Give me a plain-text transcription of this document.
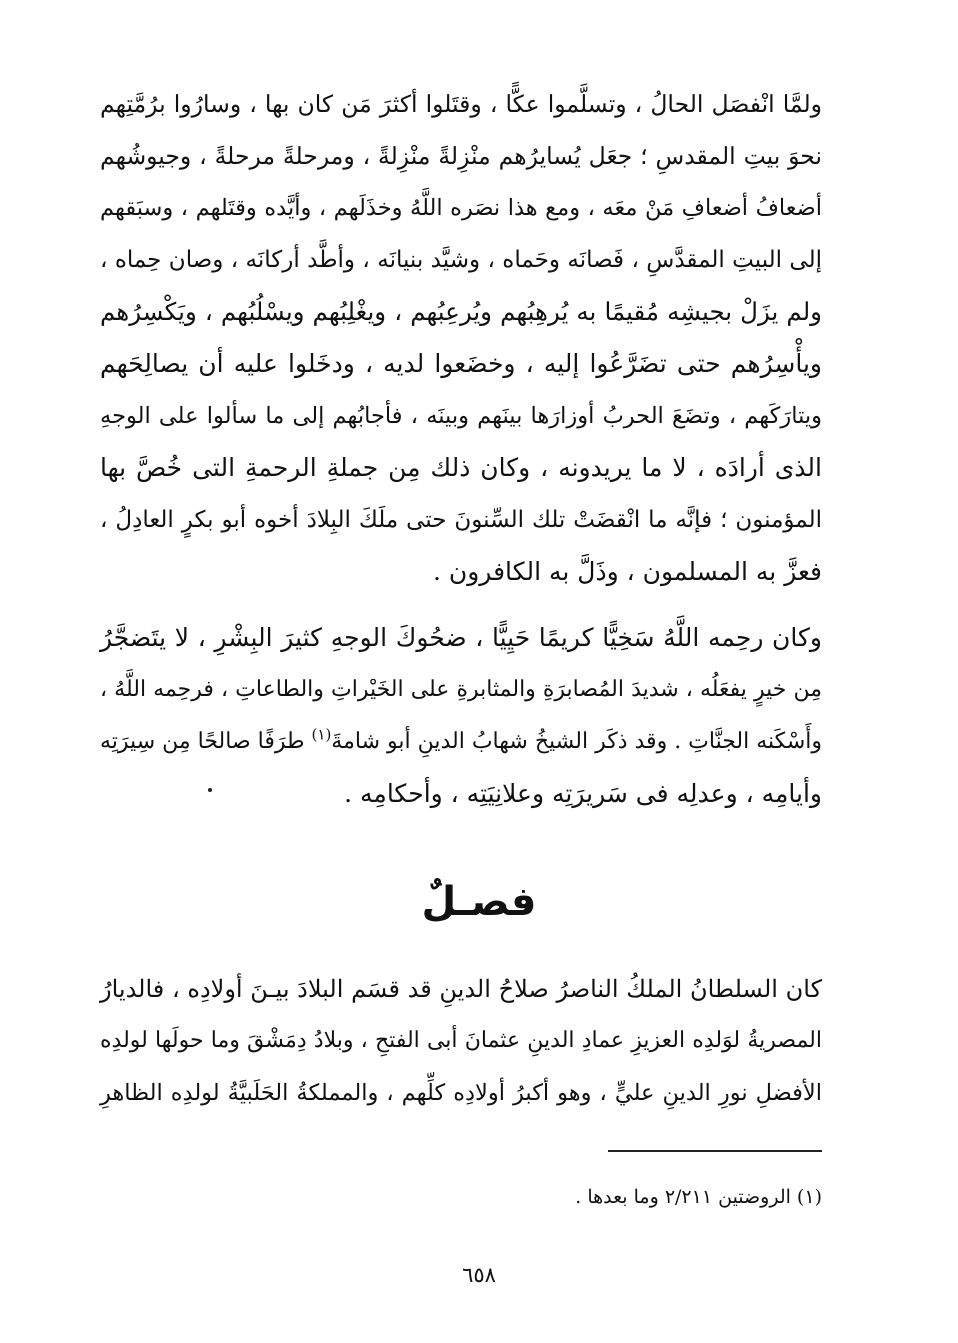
ولمَّا انْفصَل الحالُ ، وتسلَّموا عكًّا ، وقتَلوا أكثرَ مَن كان بها ، وسارُوا برُمَّتِهم
نحوَ بيتِ المقدسِ ؛ جعَل يُسايرُهم منْزِلةً منْزِلةً ، ومرحلةً مرحلةً ، وجيوشُهم
أضعافُ أضعافِ مَنْ معَه ، ومع هذا نصَره اللَّهُ وخذَلَهم ، وأيَّده وقتَلهم ، وسبَقهم
إلى البيتِ المقدَّسِ ، فَصانَه وحَماه ، وشيَّد بنيانَه ، وأطَّد أركانَه ، وصان حِماه ،
ولم يزَلْ بجيشِه مُقيمًا به يُرهِبُهم ويُرعِبُهم ، ويغْلِبُهم ويسْلُبُهم ، ويَكْسِرُهم
ويأْسِرُهم حتى تضَرَّعُوا إليه ، وخضَعوا لديه ، ودخَلوا عليه أن يصالِحَهم
ويتارَكَهم ، وتضَعَ الحربُ أوزارَها بينَهم وبينَه ، فأجابُهم إلى ما سألوا على الوجهِ
الذى أرادَه ، لا ما يريدونه ، وكان ذلك مِن جملةِ الرحمةِ التى خُصَّ بها
المؤمنون ؛ فإنَّه ما انْقضَتْ تلك السِّنونَ حتى ملَكَ البِلادَ أخوه أبو بكرٍ العادِلُ ،
فعزَّ به المسلمون ، وذَلَّ به الكافرون .
وكان رحِمه اللَّهُ سَخِيًّا كريمًا حَيِيًّا ، ضحُوكَ الوجهِ كثيرَ البِشْرِ ، لا يتَضجَّرُ
مِن خيرٍ يفعَلُه ، شديدَ المُصابرَةِ والمثابرةِ على الخَيْراتِ والطاعاتِ ، فرحِمه اللَّهُ ،
وأَسْكَنه الجنَّاتِ . وقد ذكَر الشيخُ شهابُ الدينِ أبو شامةَ$^{(١)}$ طرَفًا صالحًا مِن سِيرَتِه
وأيامِه ، وعدلِه فى سَريرَتِه وعلانِيَتِه ، وأحكامِه .
فصـلٌ
كان السلطانُ الملكُ الناصرُ صلاحُ الدينِ قد قسَم البلادَ بيـنَ أولادِه ، فالديارُ
المصريةُ لوَلدِه العزيزِ عمادِ الدينِ عثمانَ أبى الفتحِ ، وبلادُ دِمَشْقَ وما حولَها لولدِه
الأفضلِ نورِ الدينِ عليٍّ ، وهو أكبرُ أولادِه كلِّهم ، والمملكةُ الحَلَبيَّةُ لولدِه الظاهرِ
(١) الروضتين ٢/٢١١ وما بعدها .
٦٥٨
